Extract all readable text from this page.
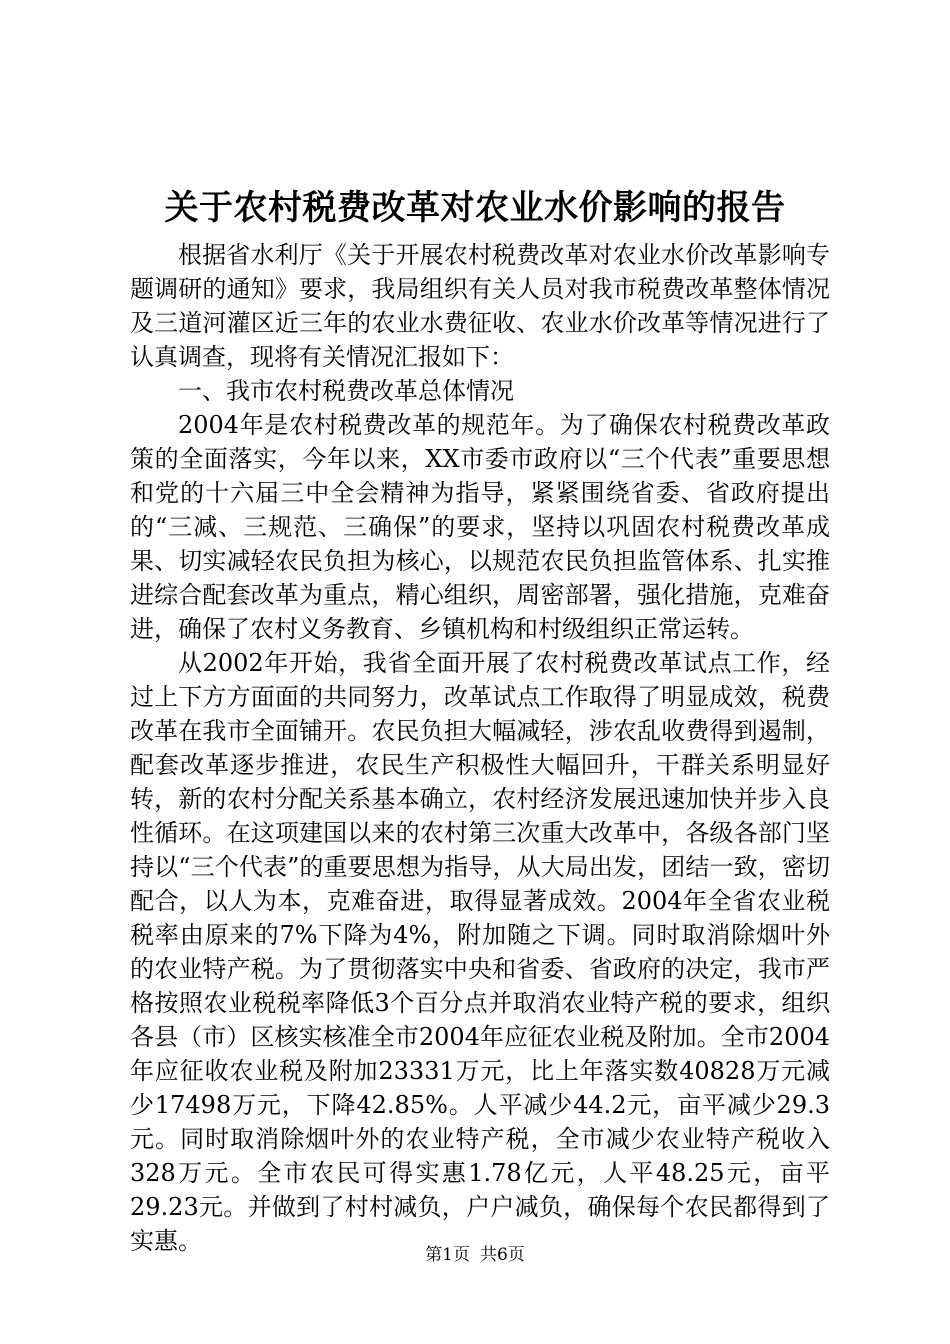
关于农村税费改革对农业水价影响的报告

根据省水利厅《关于开展农村税费改革对农业水价改革影响专题调研的通知》要求，我局组织有关人员对我市税费改革整体情况及三道河灌区近三年的农业水费征收、农业水价改革等情况进行了认真调查，现将有关情况汇报如下：

一、我市农村税费改革总体情况

2004年是农村税费改革的规范年。为了确保农村税费改革政策的全面落实，今年以来，XX市委市政府以“三个代表”重要思想和党的十六届三中全会精神为指导，紧紧围绕省委、省政府提出的“三减、三规范、三确保”的要求，坚持以巩固农村税费改革成果、切实减轻农民负担为核心，以规范农民负担监管体系、扎实推进综合配套改革为重点，精心组织，周密部署，强化措施，克难奋进，确保了农村义务教育、乡镇机构和村级组织正常运转。

从2002年开始，我省全面开展了农村税费改革试点工作，经过上下方方面面的共同努力，改革试点工作取得了明显成效，税费改革在我市全面铺开。农民负担大幅减轻，涉农乱收费得到遏制，配套改革逐步推进，农民生产积极性大幅回升，干群关系明显好转，新的农村分配关系基本确立，农村经济发展迅速加快并步入良性循环。在这项建国以来的农村第三次重大改革中，各级各部门坚持以“三个代表”的重要思想为指导，从大局出发，团结一致，密切配合，以人为本，克难奋进，取得显著成效。2004年全省农业税税率由原来的7%下降为4%，附加随之下调。同时取消除烟叶外的农业特产税。为了贯彻落实中央和省委、省政府的决定，我市严格按照农业税税率降低3个百分点并取消农业特产税的要求，组织各县（市）区核实核准全市2004年应征农业税及附加。全市2004年应征收农业税及附加23331万元，比上年落实数40828万元减少17498万元，下降42.85%。人平减少44.2元，亩平减少29.3元。同时取消除烟叶外的农业特产税，全市减少农业特产税收入328万元。全市农民可得实惠1.78亿元，人平48.25元，亩平29.23元。并做到了村村减负，户户减负，确保每个农民都得到了实惠。	第1页 共6页
